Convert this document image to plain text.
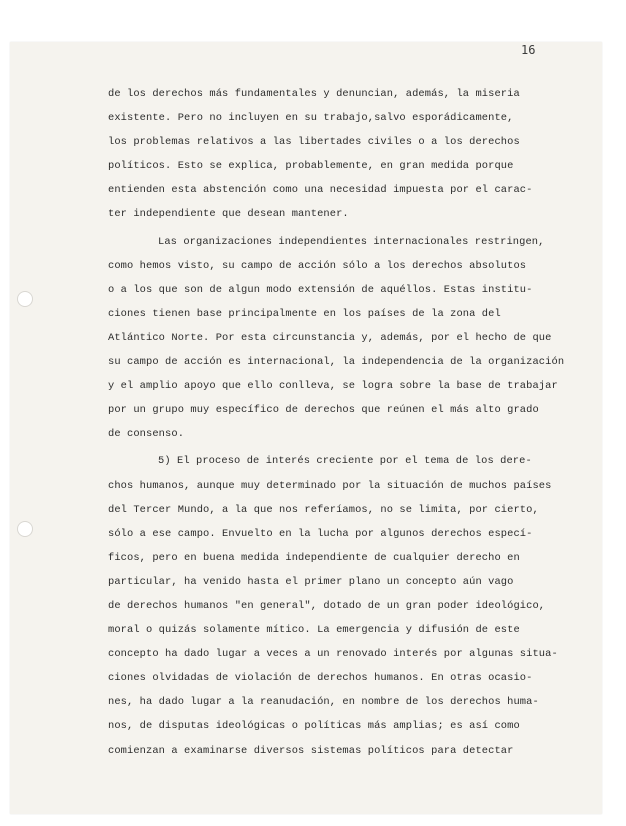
16
de los derechos más fundamentales y denuncian, además, la miseria
existente. Pero no incluyen en su trabajo,salvo esporádicamente,
los problemas relativos a las libertades civiles o a los derechos
políticos. Esto se explica, probablemente, en gran medida porque
entienden esta abstención como una necesidad impuesta por el carac-
ter independiente que desean mantener.
Las organizaciones independientes internacionales restringen,
como hemos visto, su campo de acción sólo a los derechos absolutos
o a los que son de algun modo extensión de aquéllos. Estas institu-
ciones tienen base principalmente en los países de la zona del
Atlántico Norte. Por esta circunstancia y, además, por el hecho de que
su campo de acción es internacional, la independencia de la organización
y el amplio apoyo que ello conlleva, se logra sobre la base de trabajar
por un grupo muy específico de derechos que reúnen el más alto grado
de consenso.
5) El proceso de interés creciente por el tema de los dere-
chos humanos, aunque muy determinado por la situación de muchos países
del Tercer Mundo, a la que nos referíamos, no se limita, por cierto,
sólo a ese campo. Envuelto en la lucha por algunos derechos especí-
ficos, pero en buena medida independiente de cualquier derecho en
particular, ha venido hasta el primer plano un concepto aún vago
de derechos humanos "en general", dotado de un gran poder ideológico,
moral o quizás solamente mítico. La emergencia y difusión de este
concepto ha dado lugar a veces a un renovado interés por algunas situa-
ciones olvidadas de violación de derechos humanos. En otras ocasio-
nes, ha dado lugar a la reanudación, en nombre de los derechos huma-
nos, de disputas ideológicas o políticas más amplias; es así como
comienzan a examinarse diversos sistemas políticos para detectar
